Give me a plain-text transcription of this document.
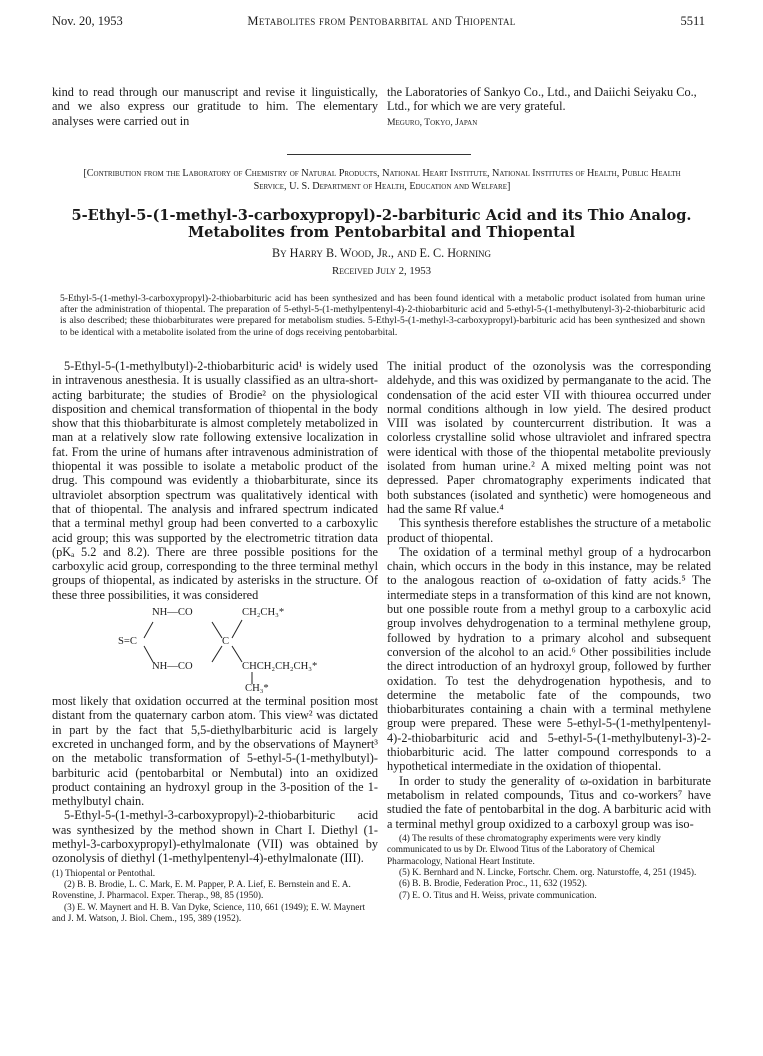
Nov. 20, 1953	Metabolites from Pentobarbital and Thiopental	5511

kind to read through our manuscript and revise it linguistically, and we also express our gratitude to him. The elementary analyses were carried out in

the Laboratories of Sankyo Co., Ltd., and Daiichi Seiyaku Co., Ltd., for which we are very grateful.

Meguro, Tokyo, Japan

[Contribution from the Laboratory of Chemistry of Natural Products, National Heart Institute, National Institutes of Health, Public Health Service, U. S. Department of Health, Education and Welfare]
5-Ethyl-5-(1-methyl-3-carboxypropyl)-2-barbituric Acid and its Thio Analog.
Metabolites from Pentobarbital and Thiopental
By Harry B. Wood, Jr., and E. C. Horning
Received July 2, 1953
5-Ethyl-5-(1-methyl-3-carboxypropyl)-2-thiobarbituric acid has been synthesized and has been found identical with a metabolic product isolated from human urine after the administration of thiopental. The preparation of 5-ethyl-5-(1-methylpentenyl-4)-2-thiobarbituric acid and 5-ethyl-5-(1-methylbutenyl-3)-2-thiobarbituric acid is also described; these thiobarbiturates were prepared for metabolism studies. 5-Ethyl-5-(1-methyl-3-carboxypropyl)-barbituric acid has been synthesized and shown to be identical with a metabolite isolated from the urine of dogs receiving pentobarbital.

5-Ethyl-5-(1-methylbutyl)-2-thiobarbituric acid¹ is widely used in intravenous anesthesia. It is usually classified as an ultra-short-acting barbiturate; the studies of Brodie² on the physiological disposition and chemical transformation of thiopental in the body show that this thiobarbiturate is almost completely metabolized in man at a relatively slow rate following extensive localization in fat. From the urine of humans after intravenous administration of thiopental it was possible to isolate a metabolic product of the drug. This compound was evidently a thiobarbiturate, since its ultraviolet absorption spectrum was qualitatively identical with that of thiopental. The analysis and infrared spectrum indicated that a terminal methyl group had been converted to a carboxylic acid group; this was supported by the electrometric titration data (pKₐ 5.2 and 8.2). There are three possible positions for the carboxylic acid group, corresponding to the three terminal methyl groups of thiopental, as indicated by asterisks in the structure. Of these three possibilities, it was considered

NH—CO	CH₂CH₃*
S=C	C
NH—CO	CHCH₂CH₂CH₃*
CH₃*

most likely that oxidation occurred at the terminal position most distant from the quaternary carbon atom. This view² was dictated in part by the fact that 5,5-diethylbarbituric acid is largely excreted in unchanged form, and by the observations of Maynert³ on the metabolic transformation of 5-ethyl-5-(1-methylbutyl)-barbituric acid (pentobarbital or Nembutal) into an oxidized product containing an hydroxyl group in the 3-position of the 1-methylbutyl chain.

5-Ethyl-5-(1-methyl-3-carboxypropyl)-2-thiobarbituric acid was synthesized by the method shown in Chart I. Diethyl (1-methyl-3-carboxypropyl)-ethylmalonate (VII) was obtained by ozonolysis of diethyl (1-methylpentenyl-4)-ethylmalonate (III).

(1) Thiopental or Pentothal.

(2) B. B. Brodie, L. C. Mark, E. M. Papper, P. A. Lief, E. Bernstein and E. A. Rovenstine, J. Pharmacol. Exper. Therap., 98, 85 (1950).

(3) E. W. Maynert and H. B. Van Dyke, Science, 110, 661 (1949); E. W. Maynert and J. M. Watson, J. Biol. Chem., 195, 389 (1952).

The initial product of the ozonolysis was the corresponding aldehyde, and this was oxidized by permanganate to the acid. The condensation of the acid ester VII with thiourea occurred under normal conditions although in low yield. The desired product VIII was isolated by countercurrent distribution. It was a colorless crystalline solid whose ultraviolet and infrared spectra were identical with those of the thiopental metabolite previously isolated from human urine.² A mixed melting point was not depressed. Paper chromatography experiments indicated that both substances (isolated and synthetic) were homogeneous and had the same Rf value.⁴

This synthesis therefore establishes the structure of a metabolic product of thiopental.

The oxidation of a terminal methyl group of a hydrocarbon chain, which occurs in the body in this instance, may be related to the analogous reaction of ω-oxidation of fatty acids.⁵ The intermediate steps in a transformation of this kind are not known, but one possible route from a methyl group to a carboxylic acid group involves dehydrogenation to a terminal methylene group, followed by hydration to a primary alcohol and subsequent conversion of the alcohol to an acid.⁶ Other possibilities include the direct introduction of an hydroxyl group, followed by further oxidation. To test the dehydrogenation hypothesis, and to determine the metabolic fate of the compounds, two thiobarbiturates containing a chain with a terminal methylene group were prepared. These were 5-ethyl-5-(1-methylpentenyl-4)-2-thiobarbituric acid and 5-ethyl-5-(1-methylbutenyl-3)-2-thiobarbituric acid. The latter compound corresponds to a hypothetical intermediate in the oxidation of thiopental.

In order to study the generality of ω-oxidation in barbiturate metabolism in related compounds, Titus and co-workers⁷ have studied the fate of pentobarbital in the dog. A barbituric acid with a terminal methyl group oxidized to a carboxyl group was iso-

(4) The results of these chromatography experiments were very kindly communicated to us by Dr. Elwood Titus of the Laboratory of Chemical Pharmacology, National Heart Institute.

(5) K. Bernhard and N. Lincke, Fortschr. Chem. org. Naturstoffe, 4, 251 (1945).

(6) B. B. Brodie, Federation Proc., 11, 632 (1952).

(7) E. O. Titus and H. Weiss, private communication.
